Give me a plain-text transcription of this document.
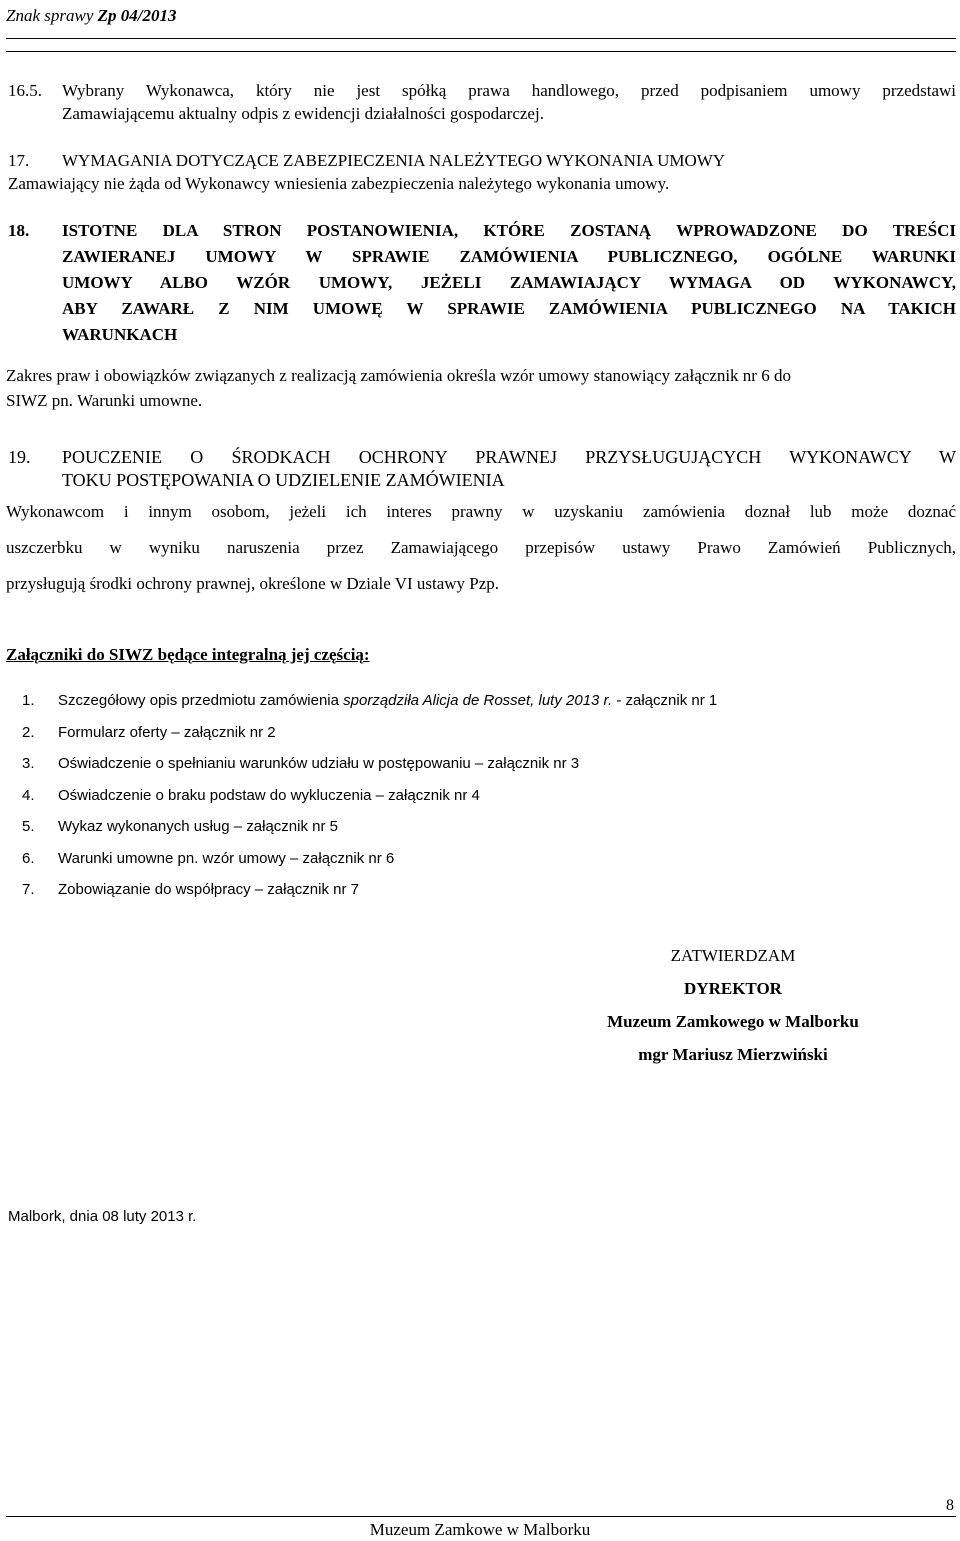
Znak sprawy Zp 04/2013
16.5. Wybrany Wykonawca, który nie jest spółką prawa handlowego, przed podpisaniem umowy przedstawi
Zamawiającemu aktualny odpis z ewidencji działalności gospodarczej.
17. WYMAGANIA DOTYCZĄCE ZABEZPIECZENIA NALEŻYTEGO WYKONANIA UMOWY
Zamawiający nie żąda od Wykonawcy wniesienia zabezpieczenia należytego wykonania umowy.
18. ISTOTNE DLA STRON POSTANOWIENIA, KTÓRE ZOSTANĄ WPROWADZONE DO TREŚCI
ZAWIERANEJ UMOWY W SPRAWIE ZAMÓWIENIA PUBLICZNEGO, OGÓLNE WARUNKI
UMOWY ALBO WZÓR UMOWY, JEŻELI ZAMAWIAJĄCY WYMAGA OD WYKONAWCY,
ABY ZAWARŁ Z NIM UMOWĘ W SPRAWIE ZAMÓWIENIA PUBLICZNEGO NA TAKICH
WARUNKACH
Zakres praw i obowiązków związanych z realizacją zamówienia określa wzór umowy stanowiący załącznik nr 6 do
SIWZ pn. Warunki umowne.
19. POUCZENIE O ŚRODKACH OCHRONY PRAWNEJ PRZYSŁUGUJĄCYCH WYKONAWCY W
TOKU POSTĘPOWANIA O UDZIELENIE ZAMÓWIENIA
Wykonawcom i innym osobom, jeżeli ich interes prawny w uzyskaniu zamówienia doznał lub może doznać
uszczerbku w wyniku naruszenia przez Zamawiającego przepisów ustawy Prawo Zamówień Publicznych,
przysługują środki ochrony prawnej, określone w Dziale VI ustawy Pzp.
Załączniki do SIWZ będące integralną jej częścią:
1. Szczegółowy opis przedmiotu zamówienia sporządziła Alicja de Rosset, luty 2013 r. - załącznik nr 1
2. Formularz oferty – załącznik nr 2
3. Oświadczenie o spełnianiu warunków udziału w postępowaniu – załącznik nr 3
4. Oświadczenie o braku podstaw do wykluczenia – załącznik nr 4
5. Wykaz wykonanych usług – załącznik nr 5
6. Warunki umowne pn. wzór umowy – załącznik nr 6
7. Zobowiązanie do współpracy – załącznik nr 7
ZATWIERDZAM
DYREKTOR
Muzeum Zamkowego w Malborku
mgr Mariusz Mierzwiński
Malbork, dnia 08 luty 2013 r.
8
Muzeum Zamkowe w Malborku
